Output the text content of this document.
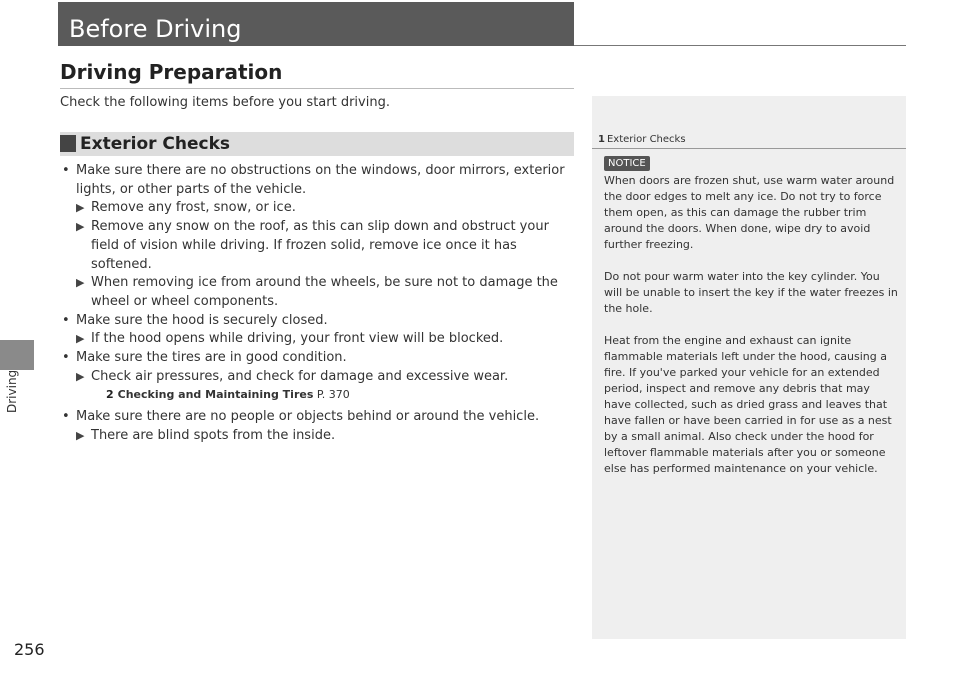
Driving
256
Before Driving
Driving Preparation
Check the following items before you start driving.
Exterior Checks
• Make sure there are no obstructions on the windows, door mirrors, exterior lights, or other parts of the vehicle.
▶ Remove any frost, snow, or ice.
▶ Remove any snow on the roof, as this can slip down and obstruct your field of vision while driving. If frozen solid, remove ice once it has softened.
▶ When removing ice from around the wheels, be sure not to damage the wheel or wheel components.
• Make sure the hood is securely closed.
▶ If the hood opens while driving, your front view will be blocked.
• Make sure the tires are in good condition.
▶ Check air pressures, and check for damage and excessive wear.
2 Checking and Maintaining Tires P. 370
• Make sure there are no people or objects behind or around the vehicle.
▶ There are blind spots from the inside.
1 Exterior Checks
NOTICE

When doors are frozen shut, use warm water around the door edges to melt any ice. Do not try to force them open, as this can damage the rubber trim around the doors. When done, wipe dry to avoid further freezing.

Do not pour warm water into the key cylinder. You will be unable to insert the key if the water freezes in the hole.

Heat from the engine and exhaust can ignite flammable materials left under the hood, causing a fire. If you've parked your vehicle for an extended period, inspect and remove any debris that may have collected, such as dried grass and leaves that have fallen or have been carried in for use as a nest by a small animal. Also check under the hood for leftover flammable materials after you or someone else has performed maintenance on your vehicle.
